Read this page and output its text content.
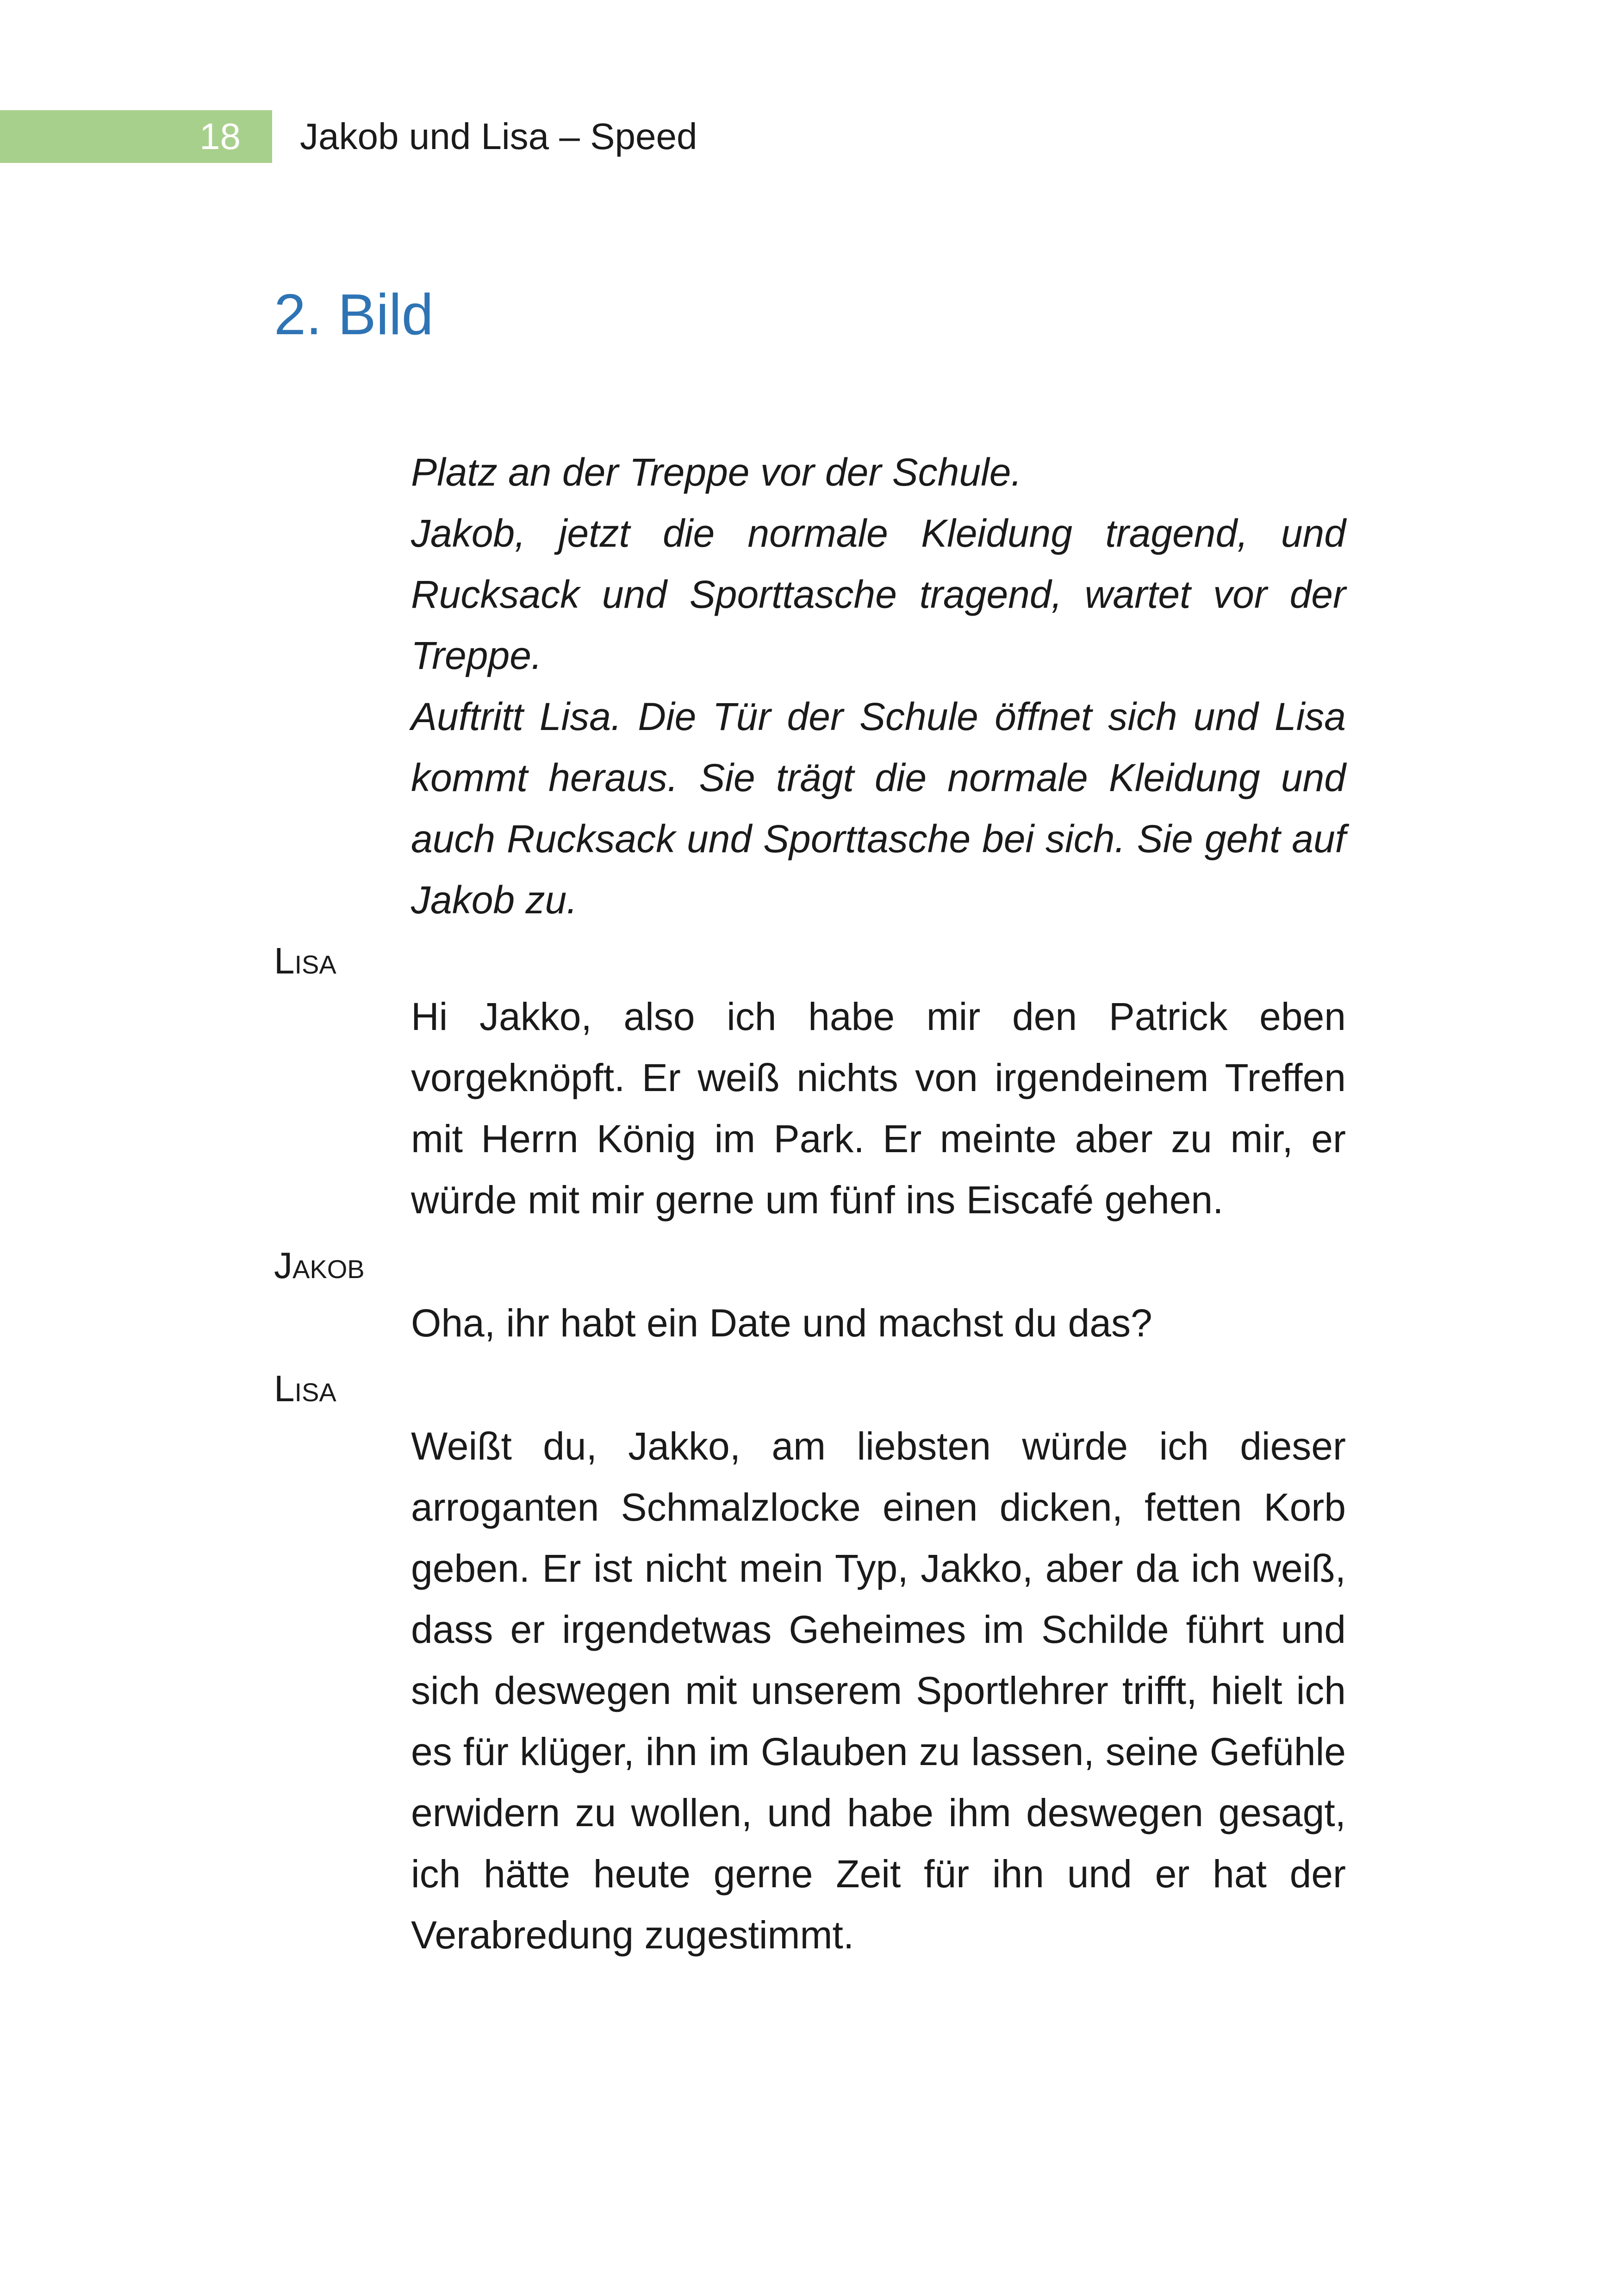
18	Jakob und Lisa – Speed
2. Bild

Platz an der Treppe vor der Schule.

Jakob, jetzt die normale Kleidung tragend, und Rucksack und Sporttasche tragend, wartet vor der Treppe.

Auftritt Lisa. Die Tür der Schule öffnet sich und Lisa kommt heraus. Sie trägt die normale Kleidung und auch Rucksack und Sporttasche bei sich. Sie geht auf Jakob zu.

Lisa

Hi Jakko, also ich habe mir den Patrick eben vorgeknöpft. Er weiß nichts von irgendeinem Treffen mit Herrn König im Park. Er meinte aber zu mir, er würde mit mir gerne um fünf ins Eiscafé gehen.

Jakob

Oha, ihr habt ein Date und machst du das?

Lisa

Weißt du, Jakko, am liebsten würde ich dieser arroganten Schmalzlocke einen dicken, fetten Korb geben. Er ist nicht mein Typ, Jakko, aber da ich weiß, dass er irgendetwas Geheimes im Schilde führt und sich deswegen mit unserem Sportlehrer trifft, hielt ich es für klüger, ihn im Glauben zu lassen, seine Gefühle erwidern zu wollen, und habe ihm deswegen gesagt, ich hätte heute gerne Zeit für ihn und er hat der Verabredung zugestimmt.
